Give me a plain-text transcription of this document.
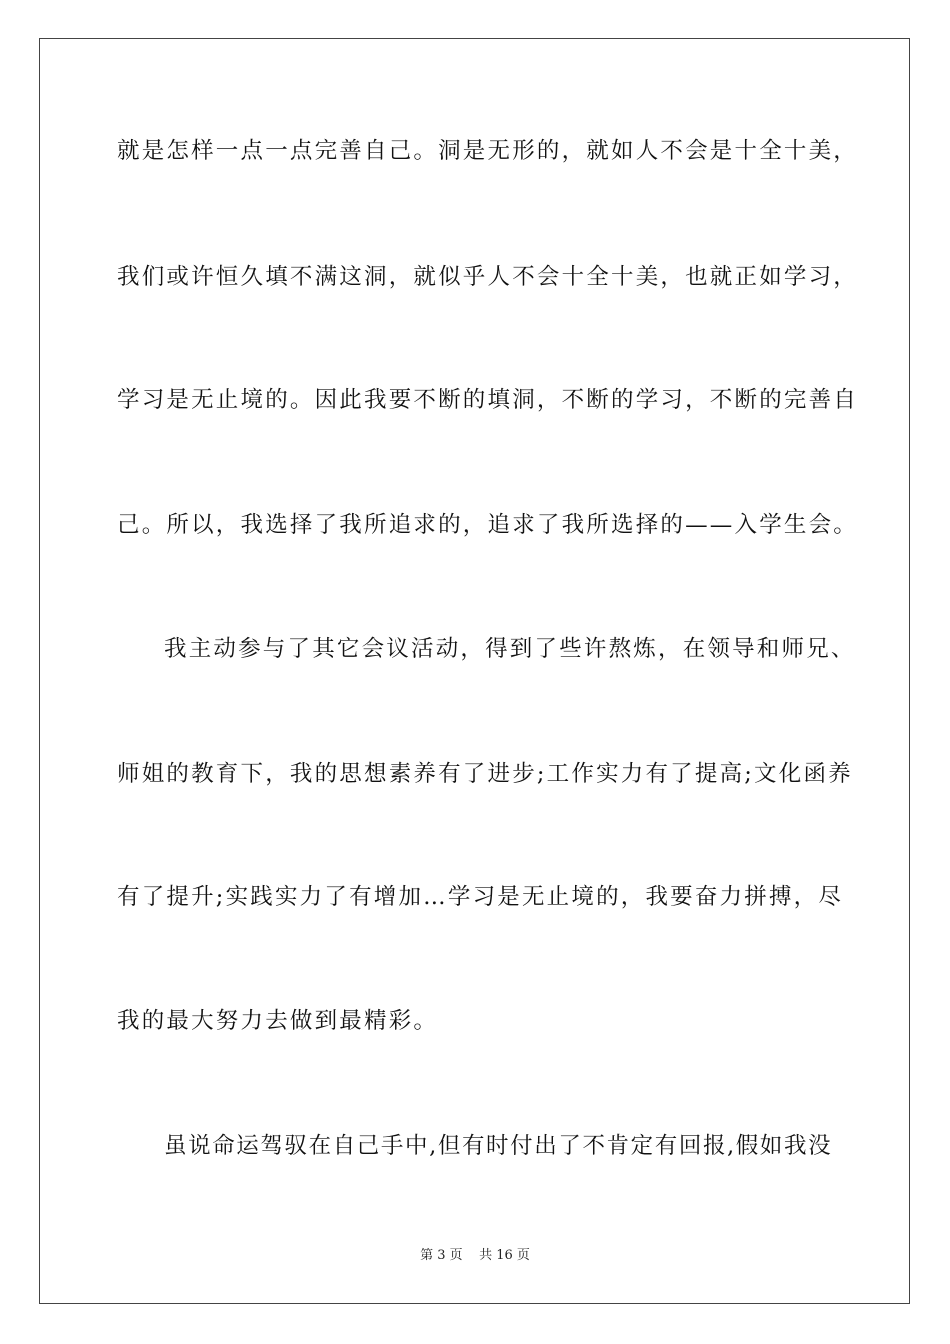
就是怎样一点一点完善自己。洞是无形的，就如人不会是十全十美，
我们或许恒久填不满这洞，就似乎人不会十全十美，也就正如学习，
学习是无止境的。因此我要不断的填洞，不断的学习，不断的完善自
己。所以，我选择了我所追求的，追求了我所选择的——入学生会。
我主动参与了其它会议活动，得到了些许熬炼，在领导和师兄、
师姐的教育下，我的思想素养有了进步;工作实力有了提高;文化函养
有了提升;实践实力了有增加…学习是无止境的，我要奋力拼搏，尽
我的最大努力去做到最精彩。
虽说命运驾驭在自己手中,但有时付出了不肯定有回报,假如我没
第 3 页    共 16 页
